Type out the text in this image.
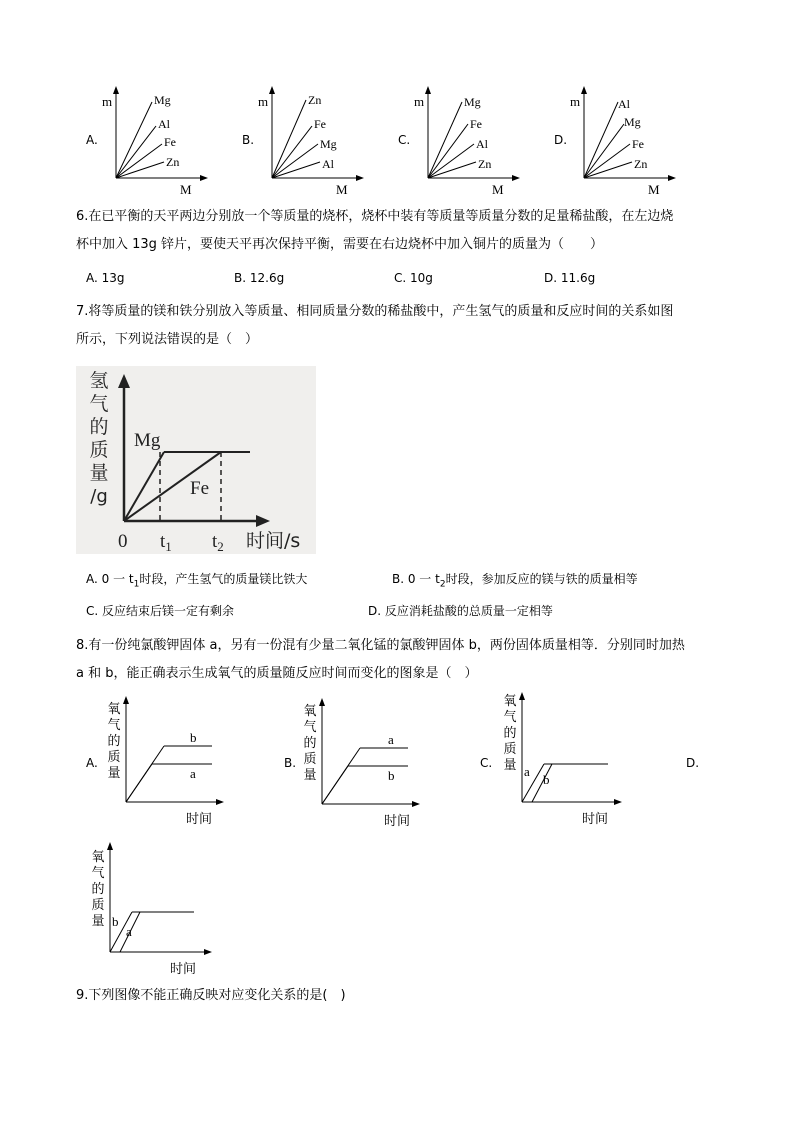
A.
m
M
Mg
Al
Fe
Zn
B.
m
M
Zn
Fe
Mg
Al
C.
m
M
Mg
Fe
Al
Zn
D.
m
M
Al
Mg
Fe
Zn
6.在已平衡的天平两边分别放一个等质量的烧杯，烧杯中装有等质量等质量分数的足量稀盐酸，在左边烧
杯中加入 13g 锌片，要使天平再次保持平衡，需要在右边烧杯中加入铜片的质量为（　　）
A. 13g	B. 12.6g	C. 10g	D. 11.6g
7.将等质量的镁和铁分别放入等质量、相同质量分数的稀盐酸中，产生氢气的质量和反应时间的关系如图
所示，下列说法错误的是（　）
氢
气
的
质
量
/g
Mg
Fe
0 $t_1$ $t_2$ 时间/s
A. 0 一 $t_1$时段，产生氢气的质量镁比铁大	B. 0 一 $t_2$时段，参加反应的镁与铁的质量相等
C. 反应结束后镁一定有剩余	D. 反应消耗盐酸的总质量一定相等
8.有一份纯氯酸钾固体 a，另有一份混有少量二氧化锰的氯酸钾固体 b，两份固体质量相等．分别同时加热
a 和 b，能正确表示生成氧气的质量随反应时间而变化的图象是（　）
A.
氧
气
的
质
量
时间
b
a
B.
氧
气
的
质
量
时间
a
b
C.
氧
气
的
质
量
时间
a
b
D.
氧
气
的
质
量
时间
b
a
9.下列图像不能正确反映对应变化关系的是(　)
